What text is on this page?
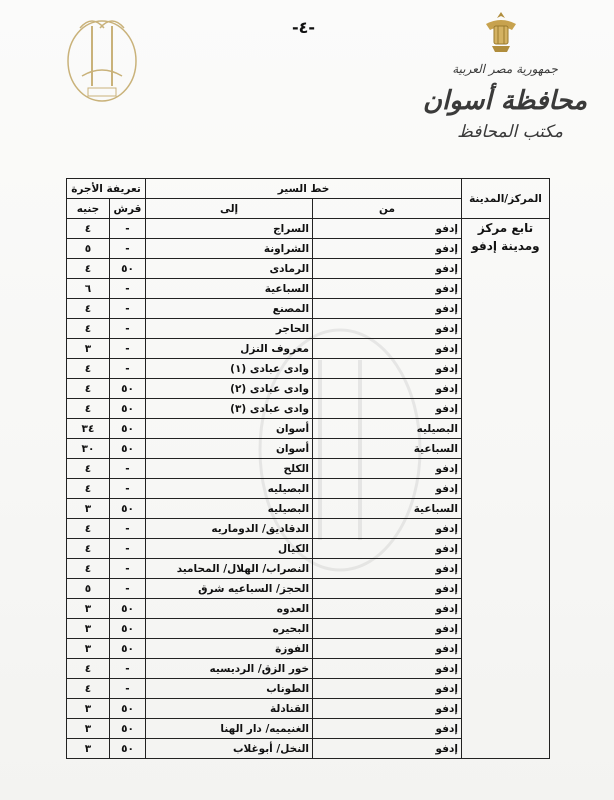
-٤-
جمهورية مصر العربية
محافظة أسوان
مكتب المحافظ
المركز/المدينة	خط السير		تعريفة الأجرة	
	من	إلى	قرش	جنيه

تابع مركز
ومدينة إدفو	إدفو	السراج	-	٤
	إدفو	الشراونة	-	٥
	إدفو	الرمادى	٥٠	٤
	إدفو	السباعية	-	٦
	إدفو	المصنع	-	٤
	إدفو	الحاجر	-	٤
	إدفو	معروف النزل	-	٣
	إدفو	وادى عبادى (١)	-	٤
	إدفو	وادى عبادى (٢)	٥٠	٤
	إدفو	وادى عبادى (٣)	٥٠	٤
	البصيليه	أسوان	٥٠	٣٤
	السباعية	أسوان	٥٠	٣٠
	إدفو	الكلح	-	٤
	إدفو	البصيليه	-	٤
	السباعية	البصيليه	٥٠	٣
	إدفو	الدقاديق/ الدوماريه	-	٤
	إدفو	الكيال	-	٤
	إدفو	النصراب/ الهلال/ المحاميد	-	٤
	إدفو	الحجز/ السباعيه شرق	-	٥
	إدفو	العدوه	٥٠	٣
	إدفو	البحيره	٥٠	٣
	إدفو	الفوزة	٥٠	٣
	إدفو	خور الزق/ الرديسيه	-	٤
	إدفو	الطوناب	-	٤
	إدفو	القنادلة	٥٠	٣
	إدفو	الغنيميه/ دار الهنا	٥٠	٣
	إدفو	النخل/ أبوغلاب	٥٠	٣
